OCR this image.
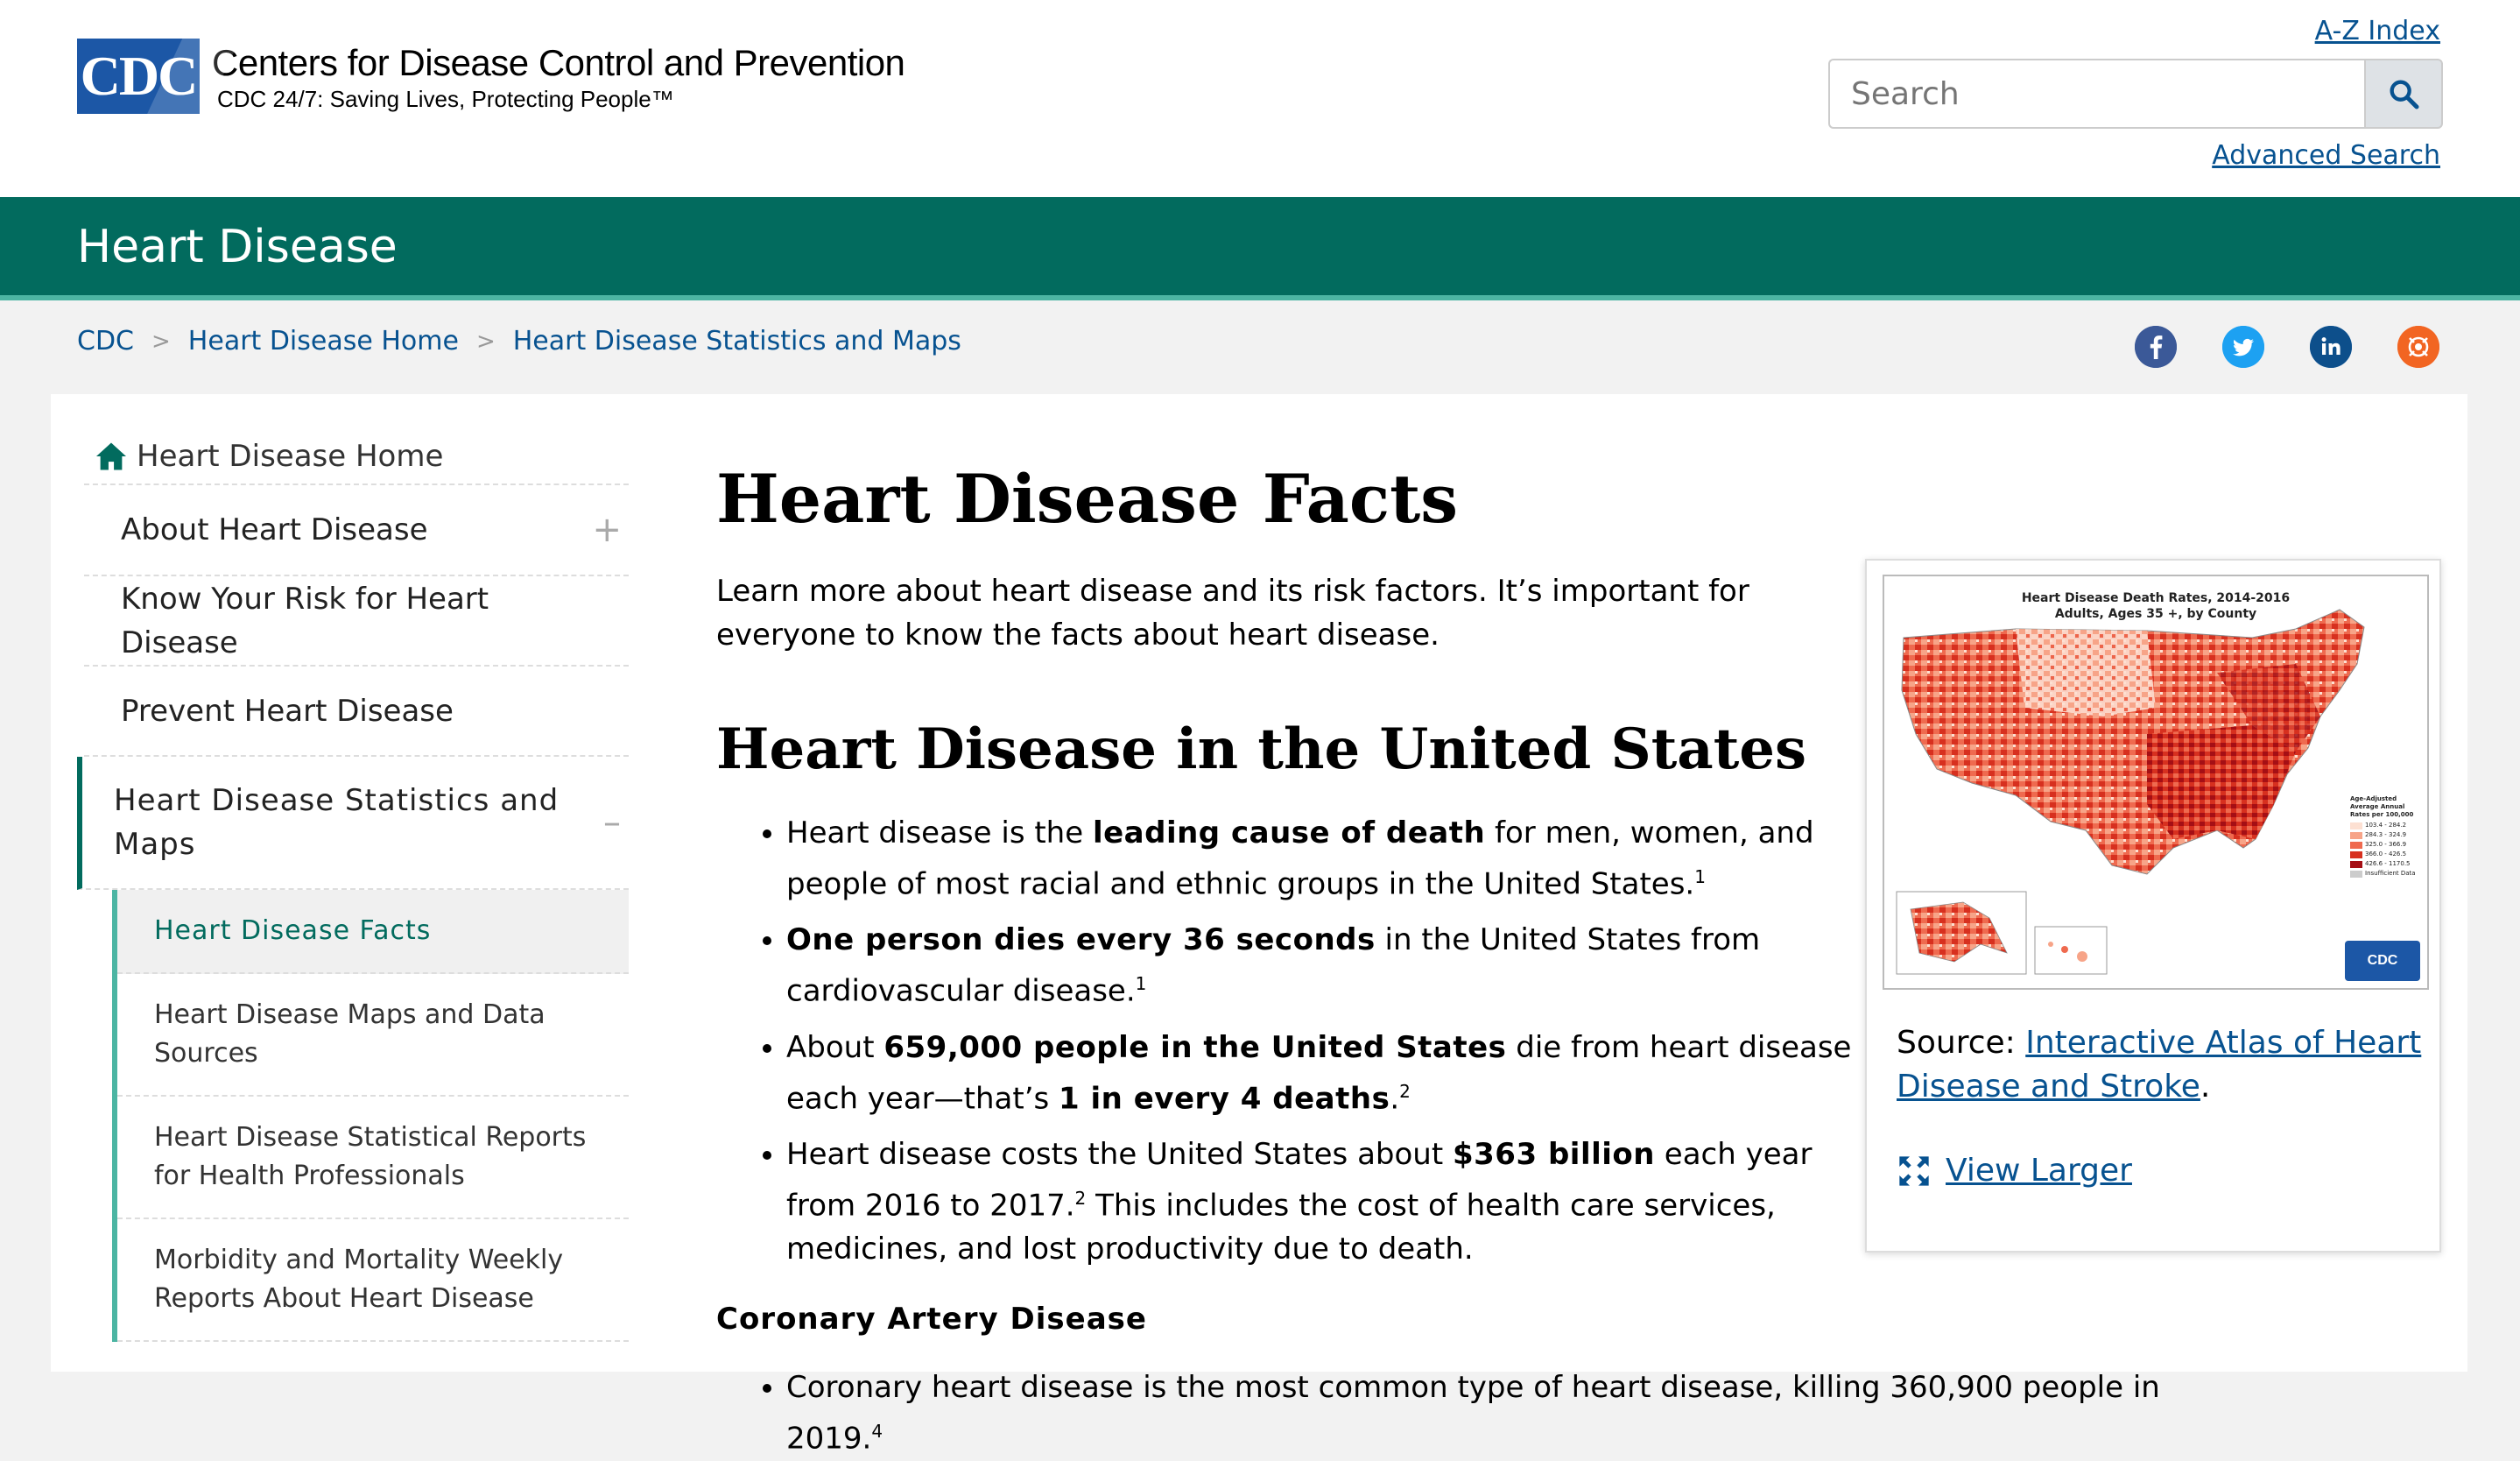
CDC Centers for Disease Control and Prevention
CDC 24/7: Saving Lives, Protecting People™
A-Z Index
Search
Advanced Search
Heart Disease
CDC > Heart Disease Home > Heart Disease Statistics and Maps
Heart Disease Home
About Heart Disease	+
Know Your Risk for Heart Disease
Prevent Heart Disease
Heart Disease Statistics and Maps
–
Heart Disease Facts
Heart Disease Maps and Data Sources
Heart Disease Statistical Reports for Health Professionals
Morbidity and Mortality Weekly Reports About Heart Disease
Heart Disease Facts

Learn more about heart disease and its risk factors. It’s important for everyone to know the facts about heart disease.

Heart Disease in the United States
• Heart disease is the leading cause of death for men, women, and people of most racial and ethnic groups in the United States.$^1$
• One person dies every 36 seconds in the United States from cardiovascular disease.$^1$
• About 659,000 people in the United States die from heart disease each year—that’s 1 in every 4 deaths.$^2$
• Heart disease costs the United States about $363 billion each year from 2016 to 2017.$^2$ This includes the cost of health care services, medicines, and lost productivity due to death.
Coronary Artery Disease
• Coronary heart disease is the most common type of heart disease, killing 360,900 people in 2019.$^4$
Heart Disease Death Rates, 2014-2016
Adults, Ages 35 +, by County
Age-Adjusted Average Annual Rates per 100,000
103.4 - 284.2
284.3 - 324.9
325.0 - 366.9
366.0 - 426.5
426.6 - 1170.5
Insufficient Data
CDC
Source: Interactive Atlas of Heart Disease and Stroke.
View Larger
